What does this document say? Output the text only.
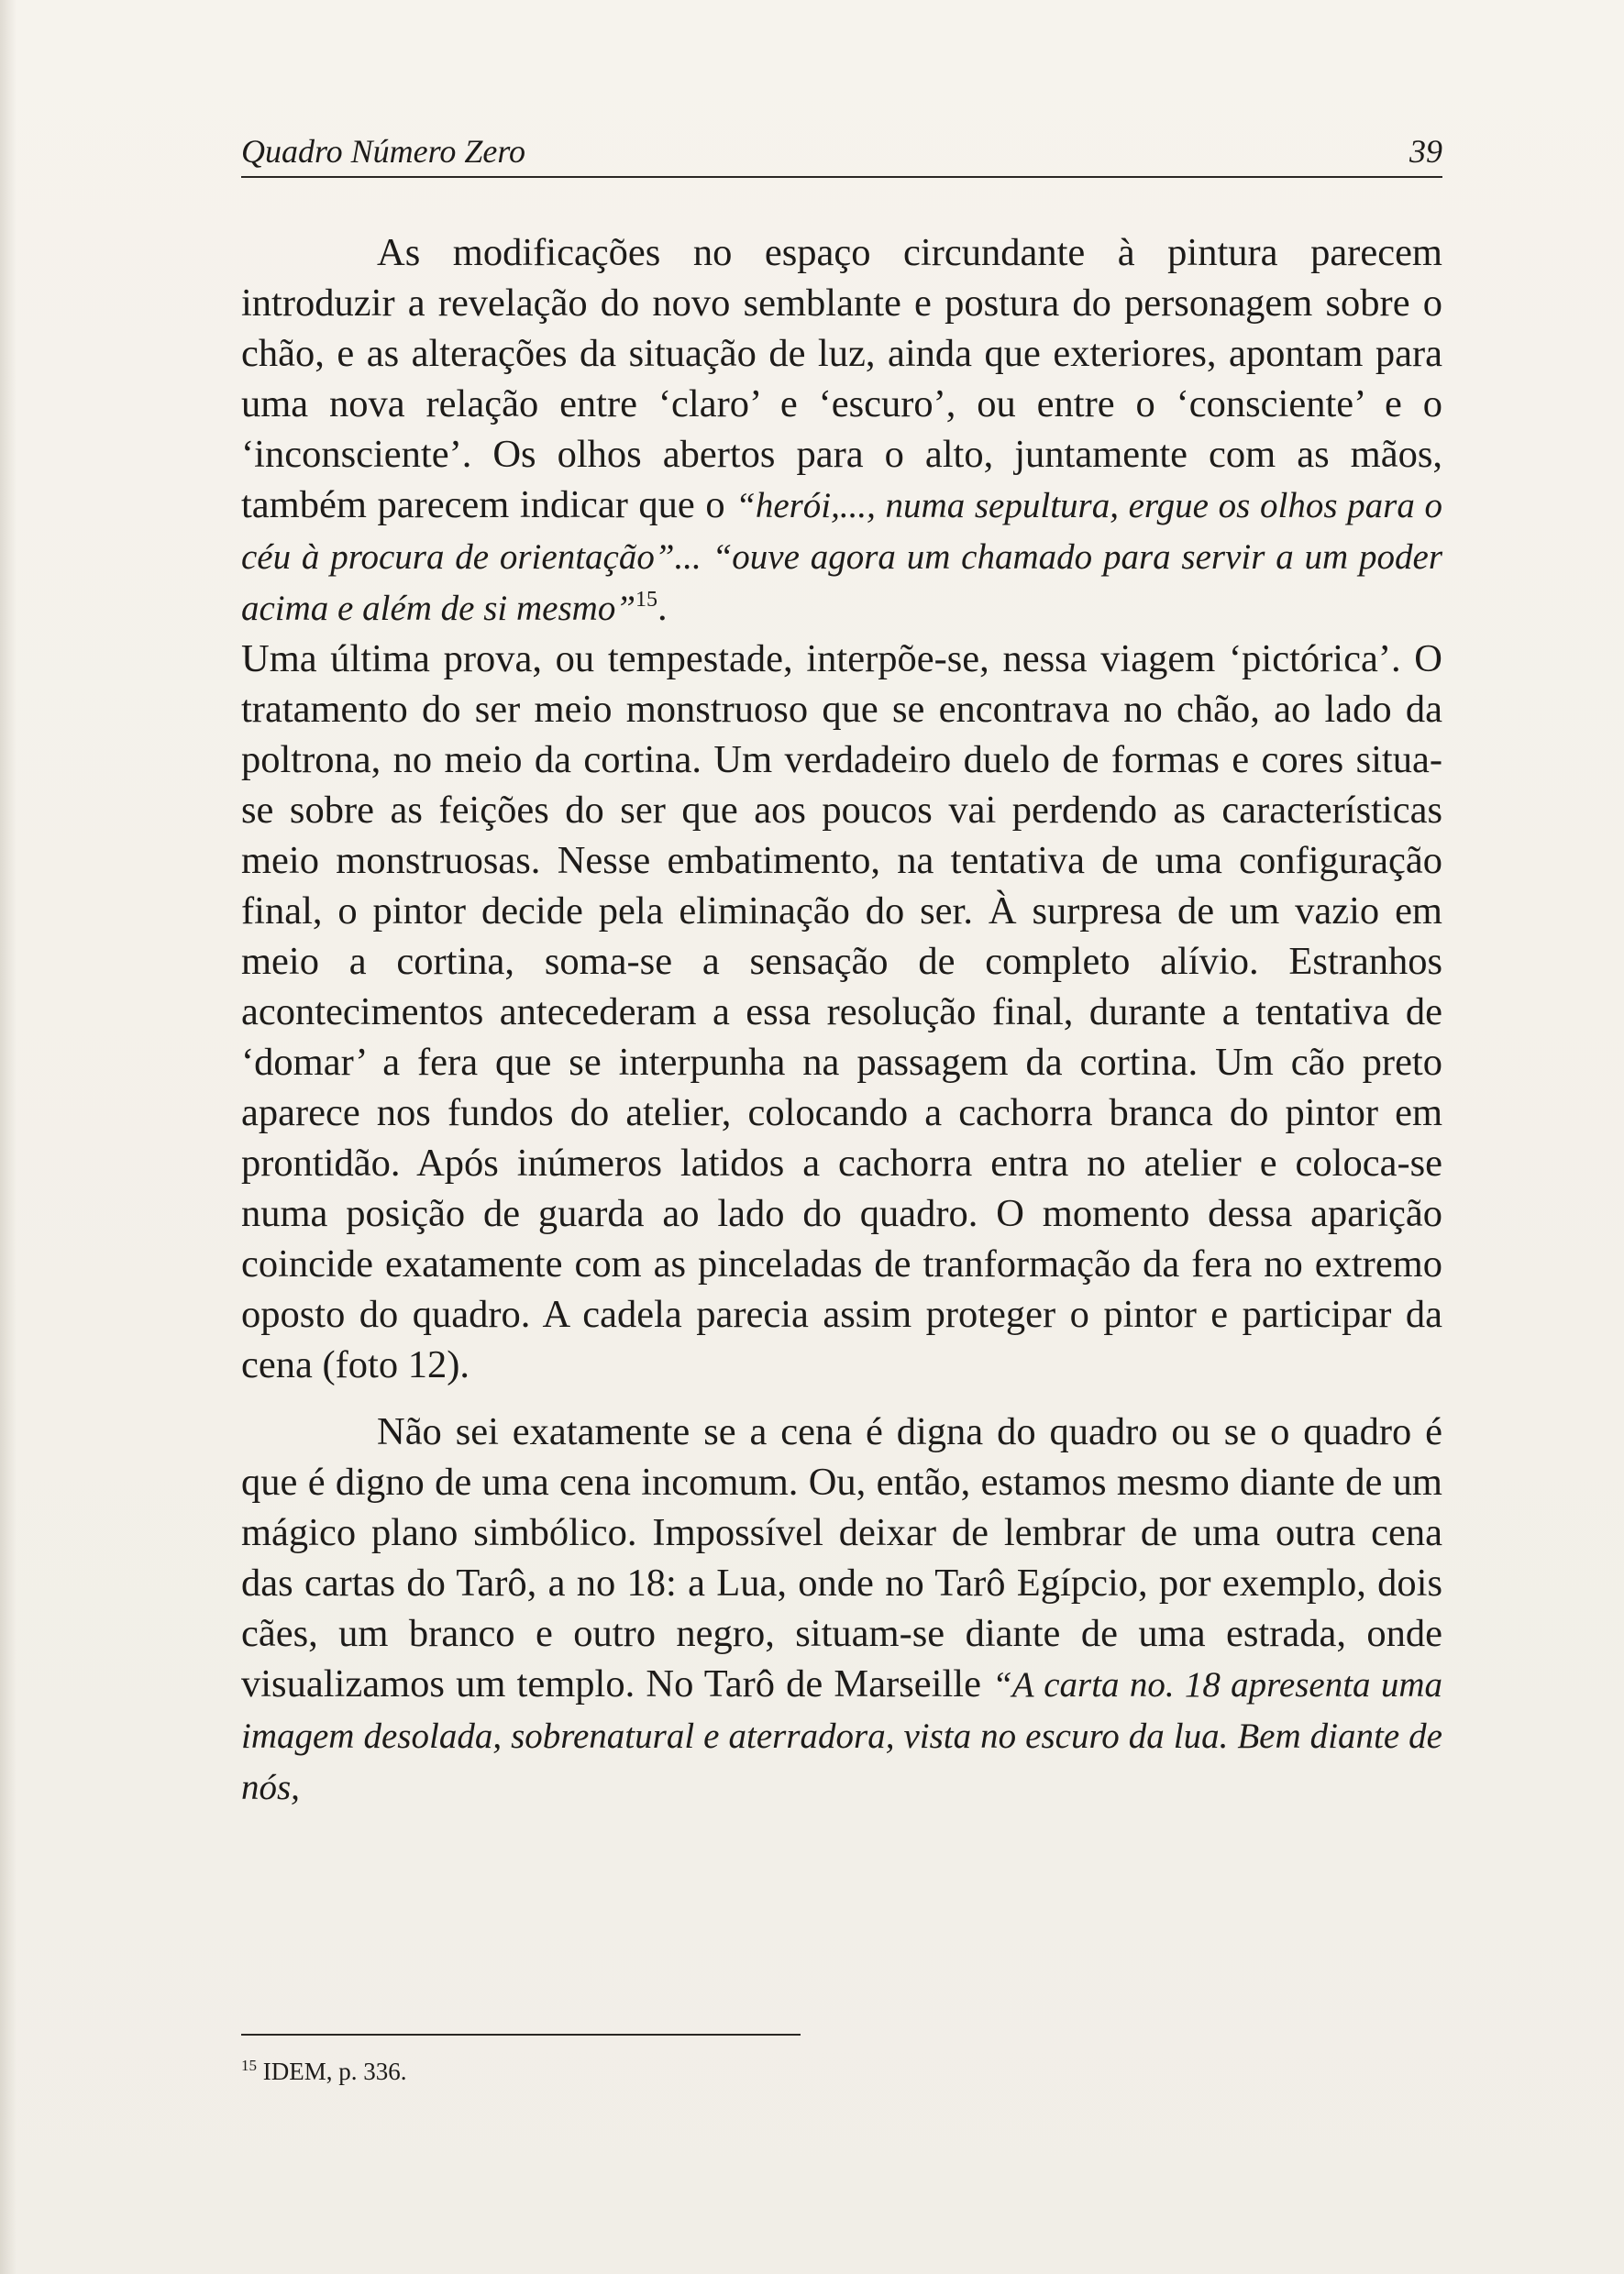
Quadro Número Zero	39

As modificações no espaço circundante à pintura parecem introduzir a revelação do novo semblante e postura do personagem sobre o chão, e as alterações da situação de luz, ainda que exteriores, apontam para uma nova relação entre ‘claro’ e ‘escuro’, ou entre o ‘consciente’ e o ‘inconsciente’. Os olhos abertos para o alto, juntamente com as mãos, também parecem indicar que o “herói,..., numa sepultura, ergue os olhos para o céu à procura de orientação”... “ouve agora um chamado para servir a um poder acima e além de si mesmo”$^{15}$.

Uma última prova, ou tempestade, interpõe-se, nessa viagem ‘pictórica’. O tratamento do ser meio monstruoso que se encontrava no chão, ao lado da poltrona, no meio da cortina. Um verdadeiro duelo de formas e cores situa-se sobre as feições do ser que aos poucos vai perdendo as características meio monstruosas. Nesse embatimento, na tentativa de uma configuração final, o pintor decide pela eliminação do ser. À surpresa de um vazio em meio a cortina, soma-se a sensação de completo alívio. Estranhos acontecimentos antecederam a essa resolução final, durante a tentativa de ‘domar’ a fera que se interpunha na passagem da cortina. Um cão preto aparece nos fundos do atelier, colocando a cachorra branca do pintor em prontidão. Após inúmeros latidos a cachorra entra no atelier e coloca-se numa posição de guarda ao lado do quadro. O momento dessa aparição coincide exatamente com as pinceladas de tranformação da fera no extremo oposto do quadro. A cadela parecia assim proteger o pintor e participar da cena (foto 12).

Não sei exatamente se a cena é digna do quadro ou se o quadro é que é digno de uma cena incomum. Ou, então, estamos mesmo diante de um mágico plano simbólico. Impossível deixar de lembrar de uma outra cena das cartas do Tarô, a no 18: a Lua, onde no Tarô Egípcio, por exemplo, dois cães, um branco e outro negro, situam-se diante de uma estrada, onde visualizamos um templo. No Tarô de Marseille “A carta no. 18 apresenta uma imagem desolada, sobrenatural e aterradora, vista no escuro da lua. Bem diante de nós,

$^{15}$ IDEM, p. 336.
